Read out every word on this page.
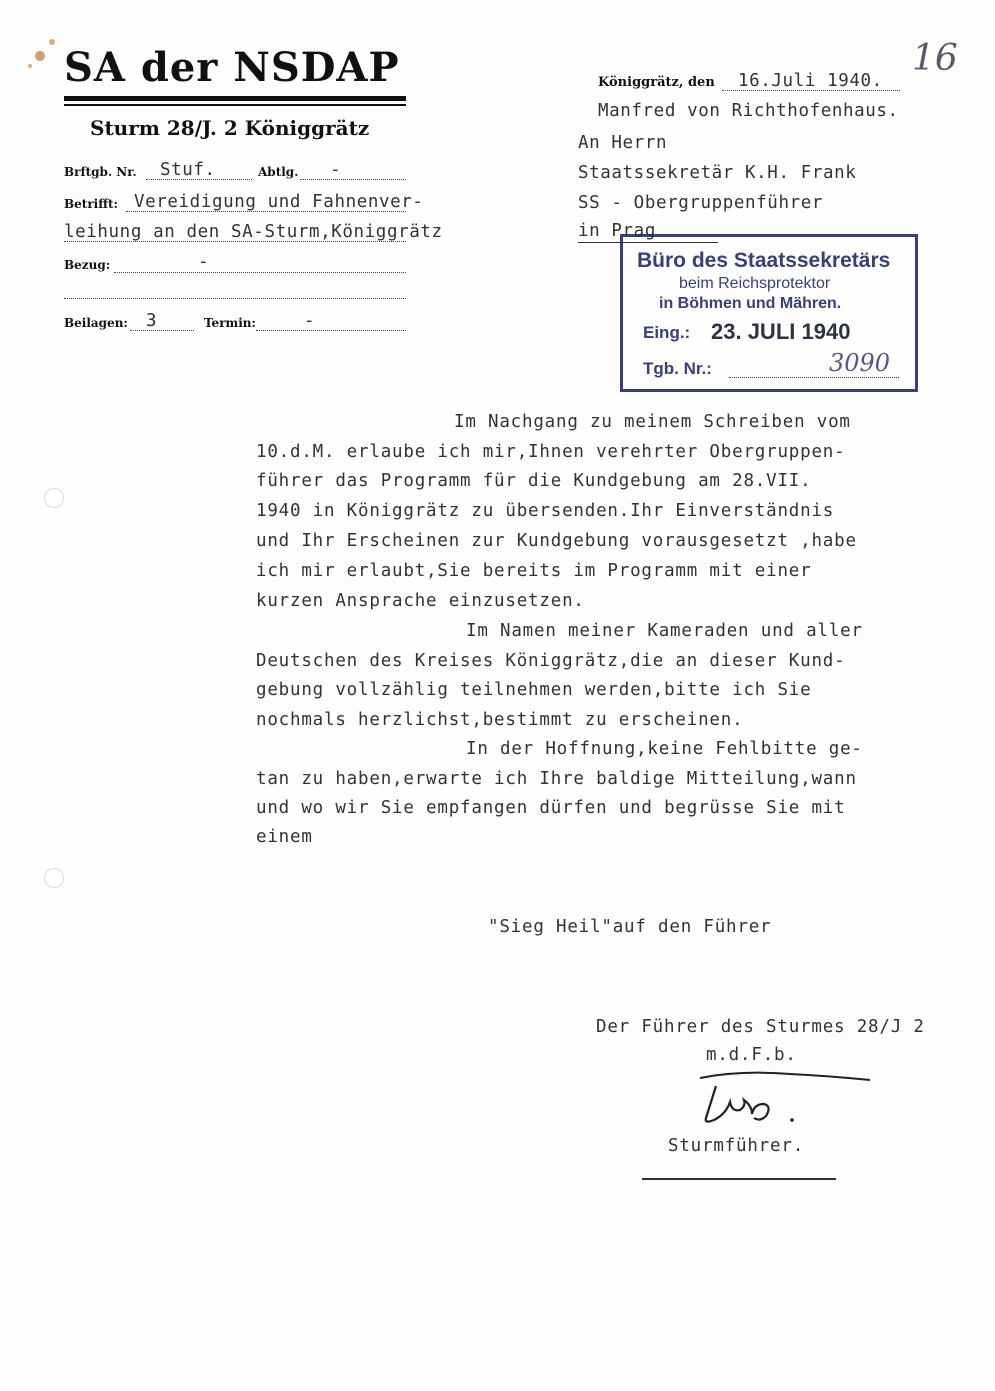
SA der NSDAP
Sturm 28/J. 2 Königgrätz
Brftgb. Nr. Stuf.	Abtlg. -
Betrifft: Vereidigung und Fahnenver-
leihung an den SA-Sturm,Königgrätz
Bezug:	-
Beilagen: 3	Termin:	-
Königgrätz, den 16.Juli 1940.
16
Manfred von Richthofenhaus.
An Herrn
Staatssekretär K.H. Frank
SS - Obergruppenführer
in Prag
Büro des Staatssekretärs
beim Reichsprotektor
in Böhmen und Mähren.
Eing.: 23. JULI 1940
Tgb. Nr.:	3090
Im Nachgang zu meinem Schreiben vom
10.d.M. erlaube ich mir,Ihnen verehrter Obergruppen-
führer das Programm für die Kundgebung am 28.VII.
1940 in Königgrätz zu übersenden.Ihr Einverständnis
und Ihr Erscheinen zur Kundgebung vorausgesetzt ,habe
ich mir erlaubt,Sie bereits im Programm mit einer
kurzen Ansprache einzusetzen.
Im Namen meiner Kameraden und aller
Deutschen des Kreises Königgrätz,die an dieser Kund-
gebung vollzählig teilnehmen werden,bitte ich Sie
nochmals herzlichst,bestimmt zu erscheinen.
In der Hoffnung,keine Fehlbitte ge-
tan zu haben,erwarte ich Ihre baldige Mitteilung,wann
und wo wir Sie empfangen dürfen und begrüsse Sie mit
einem
"Sieg Heil"auf den Führer
Der Führer des Sturmes 28/J 2
m.d.F.b.
Sturmführer.
